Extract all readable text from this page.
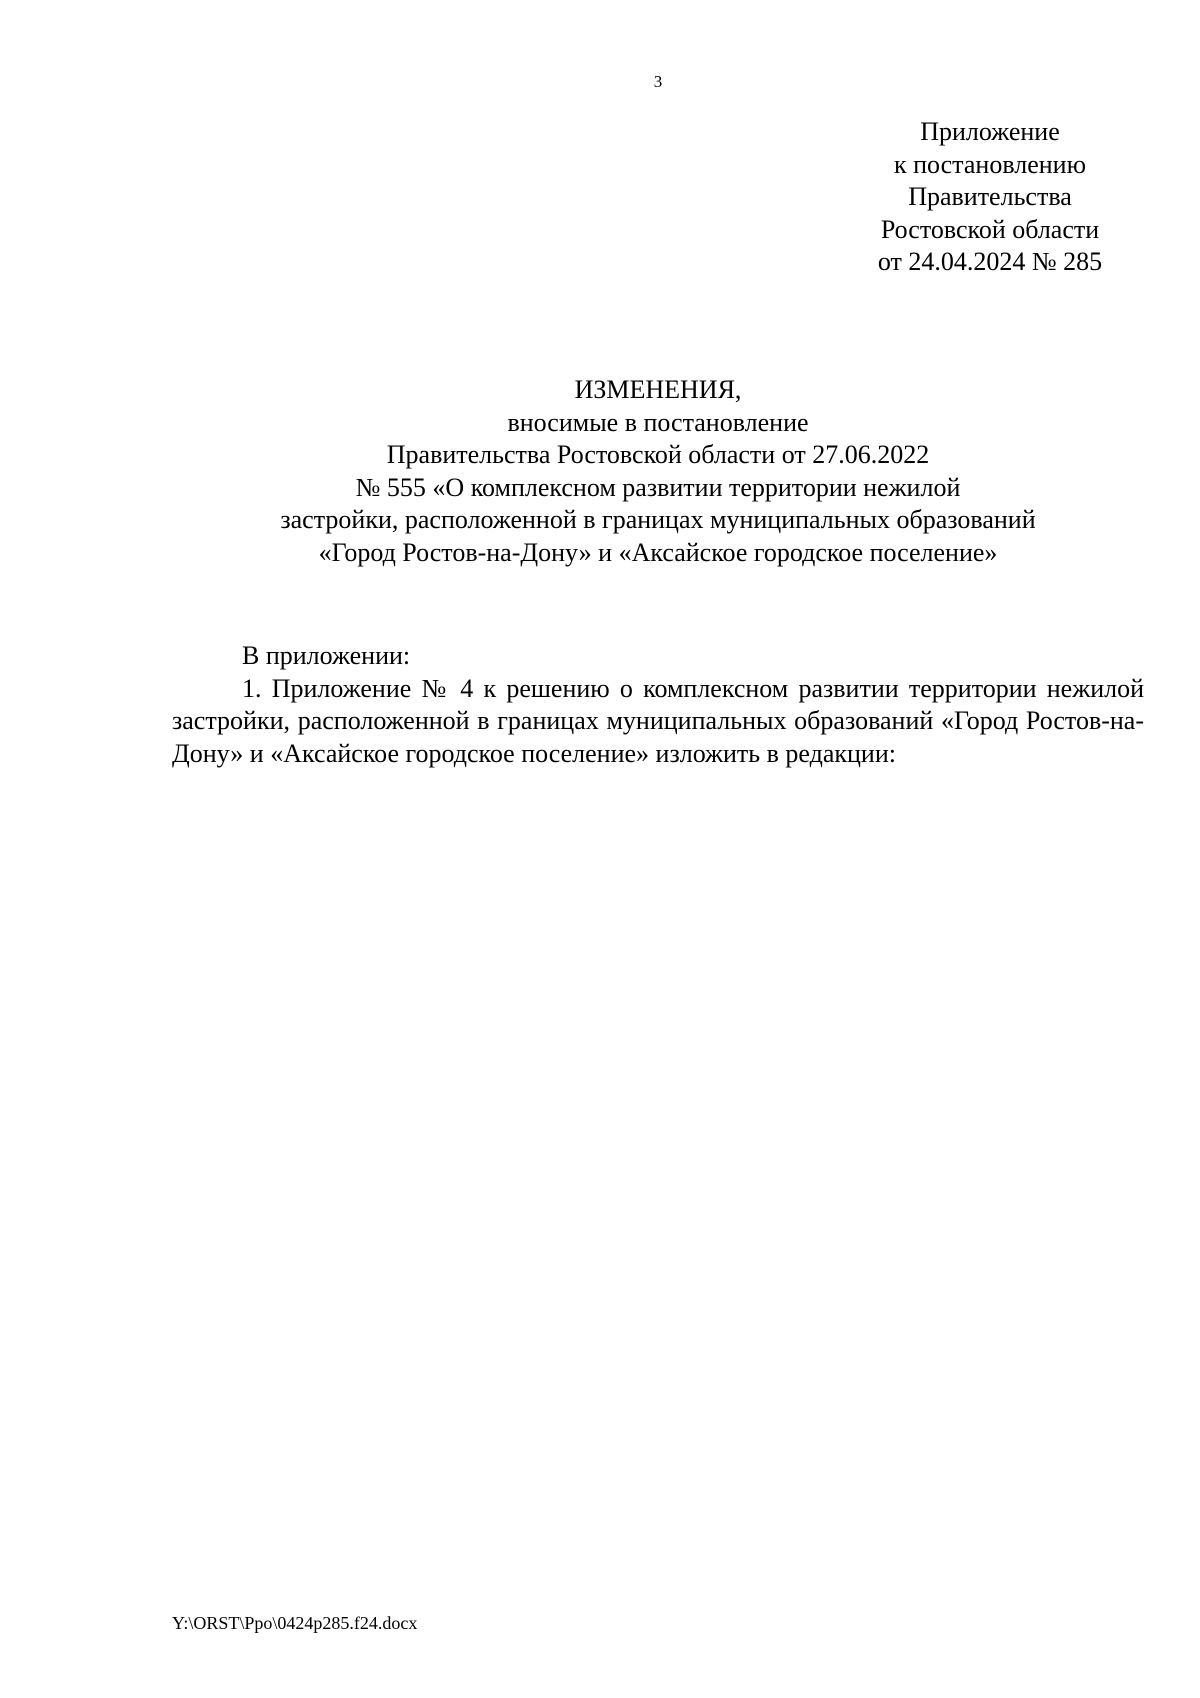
3
Приложение
к постановлению
Правительства
Ростовской области
от 24.04.2024 № 285
ИЗМЕНЕНИЯ,
вносимые в постановление
Правительства Ростовской области от 27.06.2022
№ 555 «О комплексном развитии территории нежилой
застройки, расположенной в границах муниципальных образований
«Город Ростов-на-Дону» и «Аксайское городское поселение»

В приложении:

1. Приложение № 4 к решению о комплексном развитии территории нежилой застройки, расположенной в границах муниципальных образований «Город Ростов-на-Дону» и «Аксайское городское поселение» изложить в редакции:

Y:\ORST\Ppo\0424p285.f24.docx
